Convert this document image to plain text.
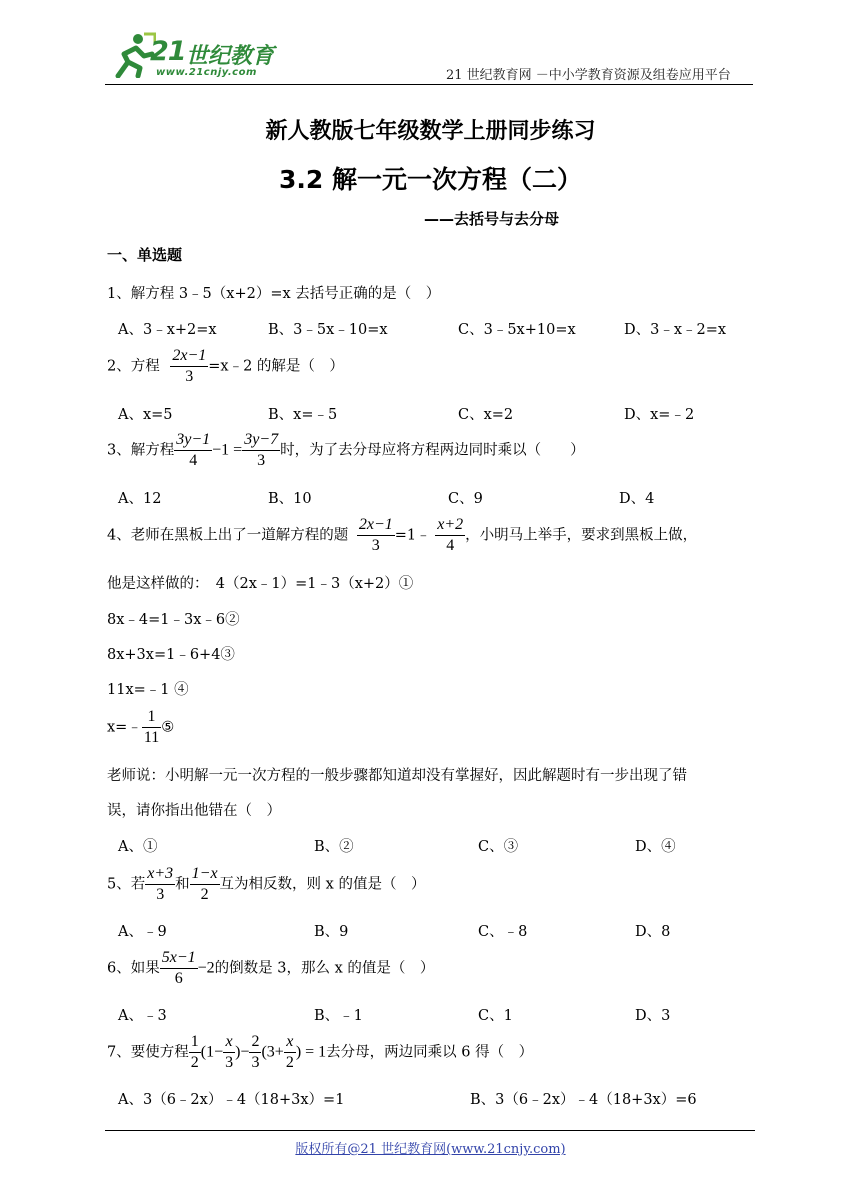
21 世纪教育
www.21cnjy.com	21 世纪教育网 －中小学教育资源及组卷应用平台
新人教版七年级数学上册同步练习
3.2 解一元一次方程（二）
——去括号与去分母
一、单选题
1、解方程 3﹣5（x+2）=x 去括号正确的是（　）
A、3﹣x+2=x	B、3﹣5x﹣10=x	C、3﹣5x+10=x	D、3﹣x﹣2=x
2、方程 $\frac{2x-1}{3}$ =x﹣2 的解是（　）
A、x=5	B、x=﹣5	C、x=2	D、x=﹣2
3、解方程 $\frac{3y-1}{4} -1 = \frac{3y-7}{3}$ 时，为了去分母应将方程两边同时乘以（　　）
A、12	B、10	C、9	D、4
4、老师在黑板上出了一道解方程的题 $\frac{2x-1}{3}$ =1﹣ $\frac{x+2}{4}$ ，小明马上举手，要求到黑板上做，
他是这样做的：　4（2x﹣1）=1﹣3（x+2）①
8x﹣4=1﹣3x﹣6②
8x+3x=1﹣6+4③
11x=﹣1 ④
x=﹣ $\frac{1}{11}$ ⑤
老师说：小明解一元一次方程的一般步骤都知道却没有掌握好，因此解题时有一步出现了错
误，请你指出他错在（　）
A、①	B、②	C、③	D、④
5、若 $\frac{x+3}{3}$ 和 $\frac{1-x}{2}$ 互为相反数，则 x 的值是（　）
A、﹣9	B、9	C、﹣8	D、8
6、如果 $\frac{5x-1}{6} -2$的倒数是 3，那么 x 的值是（　）
A、﹣3	B、﹣1	C、1	D、3
7、要使方程 $\frac{1}{2} (1- \frac{x}{3}$ )− $\frac{2}{3} (3+ \frac{x}{2}$ ) = 1去分母，两边同乘以 6 得（　）
A、3（6﹣2x）﹣4（18+3x）=1	B、3（6﹣2x）﹣4（18+3x）=6
版权所有@21 世纪教育网(www.21cnjy.com)
